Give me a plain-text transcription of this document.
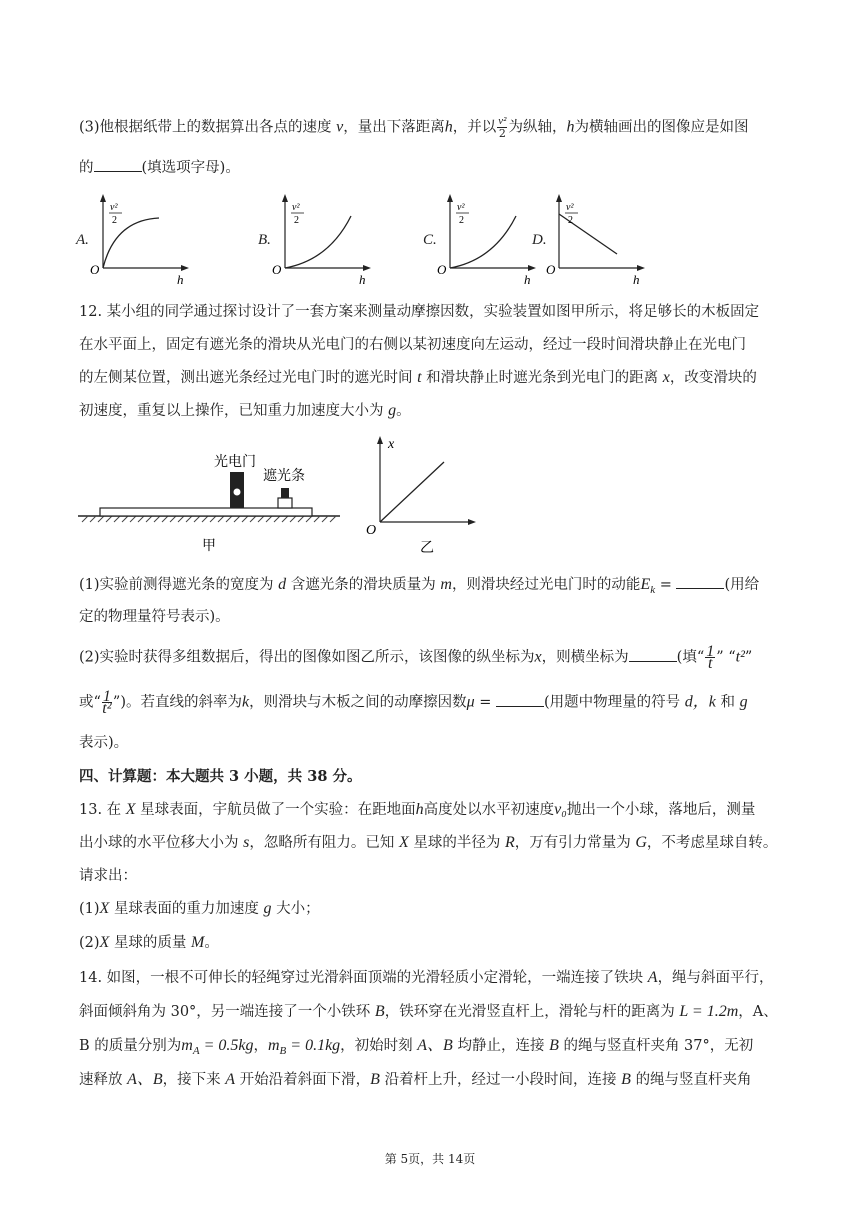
(3)他根据纸带上的数据算出各点的速度 v，量出下落距离h，并以 $\frac{\text{v²}}{2}$ 为纵轴，h为横轴画出的图像应是如图
的	(填选项字母)。
A.
v²
2
O
h
B.
v²
2
O
h
C.
v²
2
O
h
D.
v²
2
O
h
12. 某小组的同学通过探讨设计了一套方案来测量动摩擦因数，实验装置如图甲所示，将足够长的木板固定
在水平面上，固定有遮光条的滑块从光电门的右侧以某初速度向左运动，经过一段时间滑块静止在光电门
的左侧某位置，测出遮光条经过光电门时的遮光时间 t 和滑块静止时遮光条到光电门的距离 x，改变滑块的
初速度，重复以上操作，已知重力加速度大小为 g。
光电门
遮光条
甲
x
O
乙
(1)实验前测得遮光条的宽度为 d 含遮光条的滑块质量为 m，则滑块经过光电门时的动能$E_k$ =	(用给
定的物理量符号表示)。
(2)实验时获得多组数据后，得出的图像如图乙所示，该图像的纵坐标为x，则横坐标为	(填“ $\frac{1}{t}$ ” “t²”
或“ $\frac{1}{\text{t²}}$ ”)。若直线的斜率为k，则滑块与木板之间的动摩擦因数μ =	(用题中物理量的符号 d，k 和 g
表示)。
四、计算题：本大题共 3 小题，共 38 分。
13. 在 X 星球表面，宇航员做了一个实验：在距地面h高度处以水平初速度v₀抛出一个小球，落地后，测量
出小球的水平位移大小为 s，忽略所有阻力。已知 X 星球的半径为 R，万有引力常量为 G，不考虑星球自转。
请求出：
(1)X 星球表面的重力加速度 g 大小；
(2)X 星球的质量 M。
14. 如图，一根不可伸长的轻绳穿过光滑斜面顶端的光滑轻质小定滑轮，一端连接了铁块 A，绳与斜面平行，
斜面倾斜角为 30°，另一端连接了一个小铁环 B，铁环穿在光滑竖直杆上，滑轮与杆的距离为 L = 1.2m，A、
B 的质量分别为$m_A = 0.5kg$，$m_B = 0.1kg$，初始时刻 A、B 均静止，连接 B 的绳与竖直杆夹角 37°，无初
速释放 A、B，接下来 A 开始沿着斜面下滑，B 沿着杆上升，经过一小段时间，连接 B 的绳与竖直杆夹角
第 5页，共 14页
